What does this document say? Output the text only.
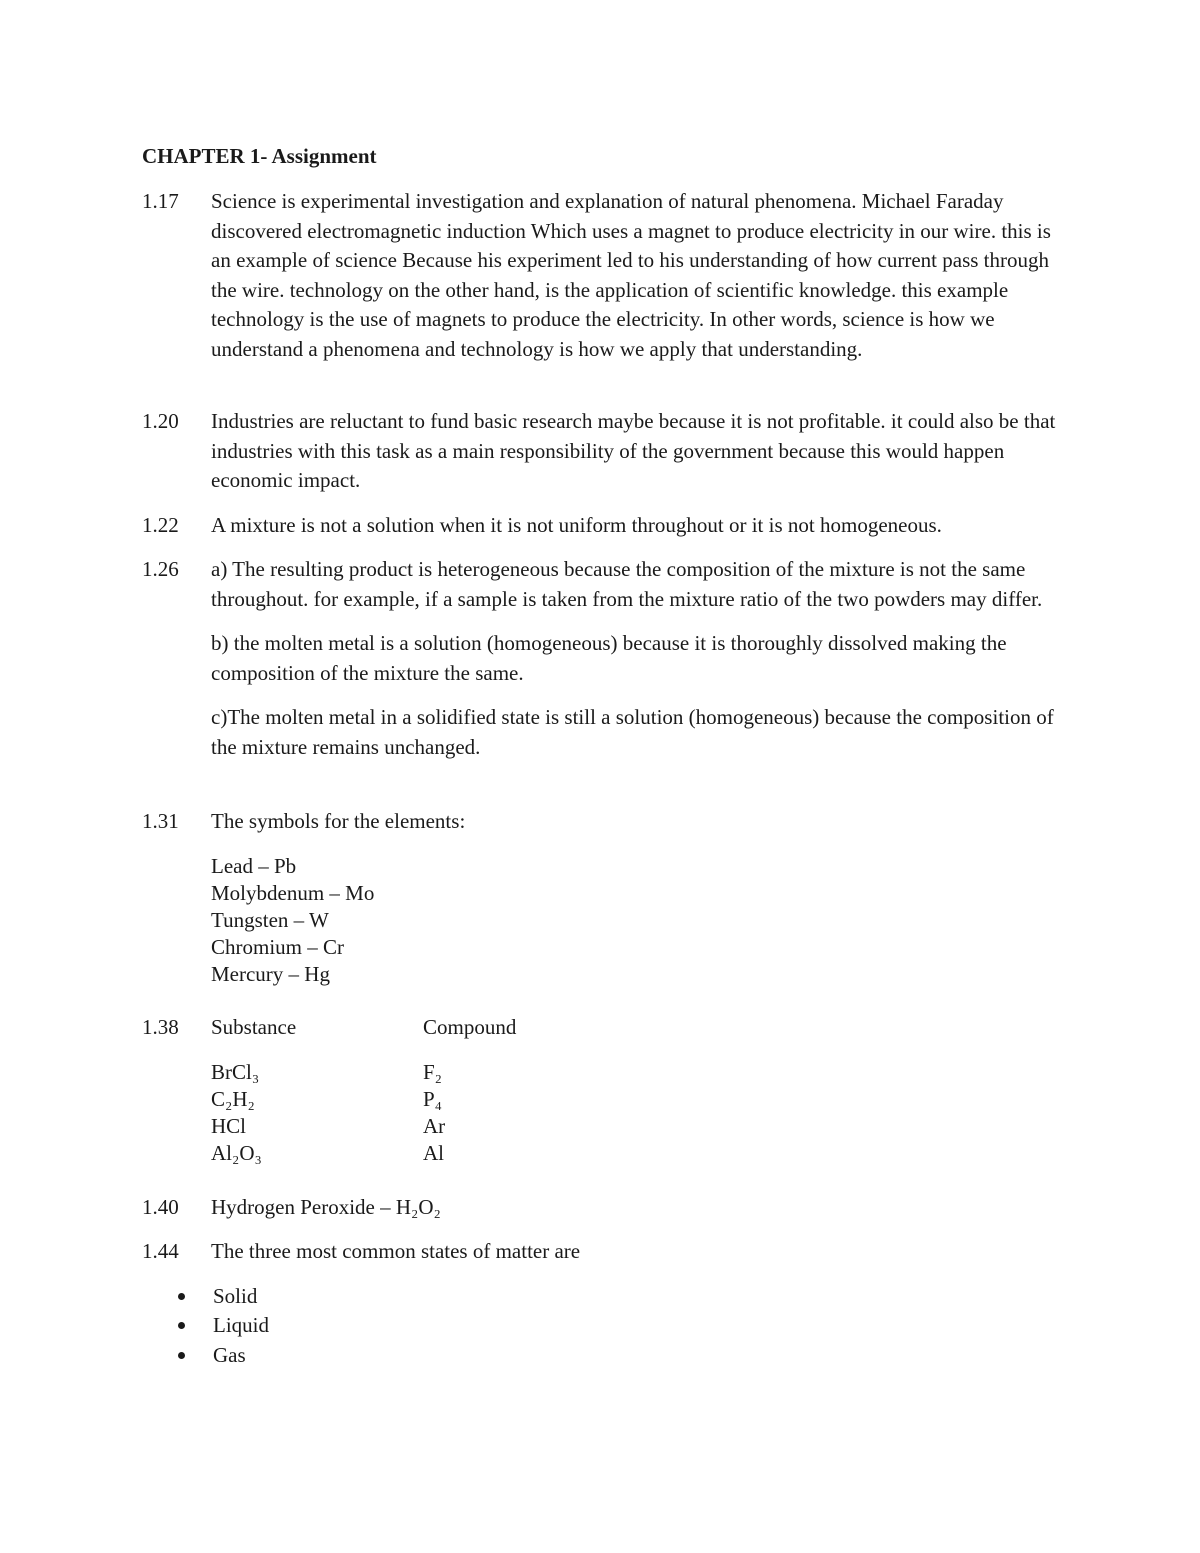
CHAPTER 1- Assignment
1.17	Science is experimental investigation and explanation of natural phenomena. Michael Faraday discovered electromagnetic induction Which uses a magnet to produce electricity in our wire. this is an example of science Because his experiment led to his understanding of how current pass through the wire. technology on the other hand, is the application of scientific knowledge. this example technology is the use of magnets to produce the electricity. In other words, science is how we understand a phenomena and technology is how we apply that understanding.

1.20	Industries are reluctant to fund basic research maybe because it is not profitable. it could also be that industries with this task as a main responsibility of the government because this would happen economic impact.

1.22	A mixture is not a solution when it is not uniform throughout or it is not homogeneous.

1.26	a) The resulting product is heterogeneous because the composition of the mixture is not the same throughout. for example, if a sample is taken from the mixture ratio of the two powders may differ.

b) the molten metal is a solution (homogeneous) because it is thoroughly dissolved making the composition of the mixture the same.

c)The molten metal in a solidified state is still a solution (homogeneous) because the composition of the mixture remains unchanged.

1.31	The symbols for the elements:

Lead – Pb
Molybdenum – Mo
Tungsten – W
Chromium – Cr
Mercury – Hg
1.38	Substance	Compound
BrCl₃	F₂
C₂H₂	P₄
HCl	Ar
Al₂O₃	Al
1.40	Hydrogen Peroxide – H₂O₂

1.44	The three most common states of matter are

Solid
Liquid
Gas
